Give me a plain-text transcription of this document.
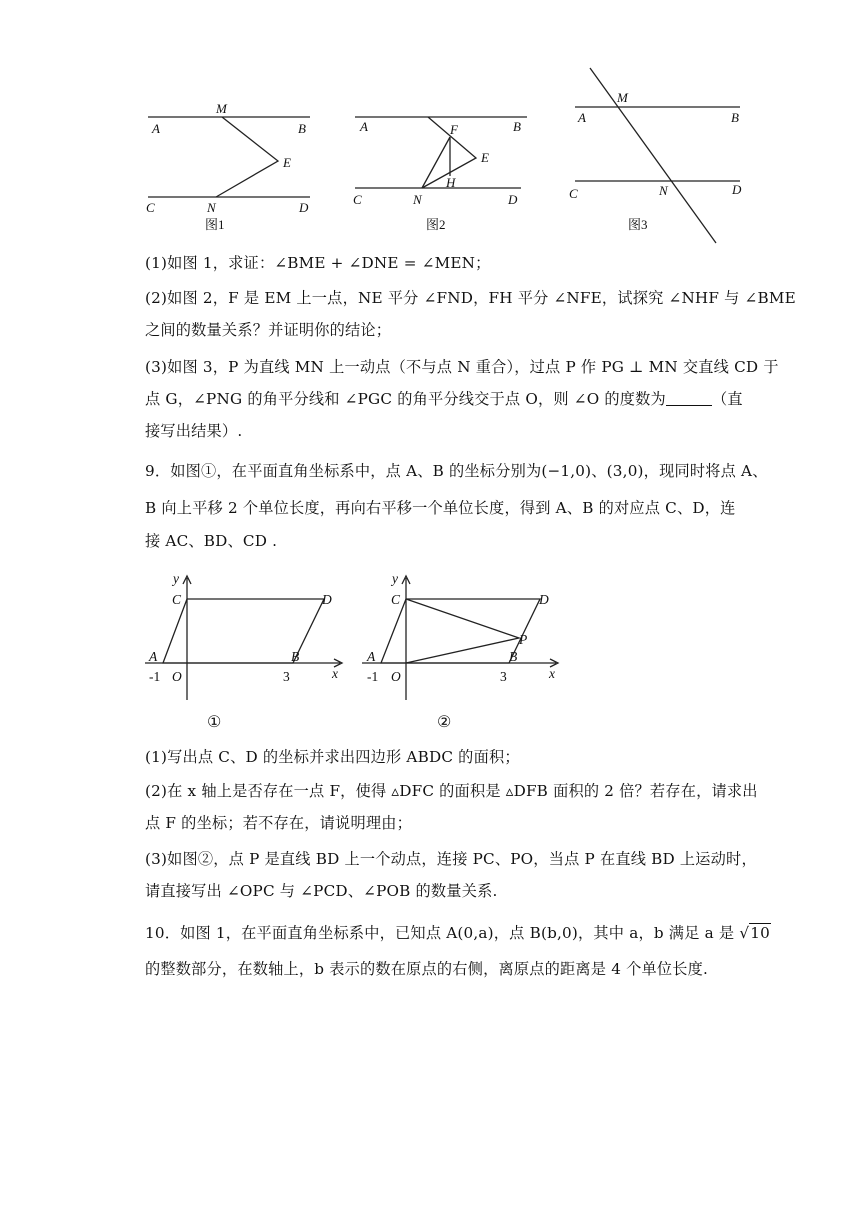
A	B
M
E
C	N	D
图1
A	B
F
E
H
C	N	D
图2
A	B
M
C	N	D
图3

(1)如图 1，求证：∠BME + ∠DNE = ∠MEN；

(2)如图 2，F 是 EM 上一点，NE 平分 ∠FND，FH 平分 ∠NFE，试探究 ∠NHF 与 ∠BME

之间的数量关系？并证明你的结论；

(3)如图 3，P 为直线 MN 上一动点（不与点 N 重合），过点 P 作 PG ⊥ MN 交直线 CD 于

点 G，∠PNG 的角平分线和 ∠PGC 的角平分线交于点 O，则 ∠O 的度数为	（直

接写出结果）.

9．如图①，在平面直角坐标系中，点 A、B 的坐标分别为(−1,0)、(3,0)，现同时将点 A、

B 向上平移 2 个单位长度，再向右平移一个单位长度，得到 A、B 的对应点 C、D，连

接 AC、BD、CD .

y
C	D
A	B
O	x
-1	3
①
y
C	D
P
A	B
O	x
-1	3
②

(1)写出点 C、D 的坐标并求出四边形 ABDC 的面积；

(2)在 x 轴上是否存在一点 F，使得 ▵DFC 的面积是 ▵DFB 面积的 2 倍？若存在，请求出

点 F 的坐标；若不存在，请说明理由；

(3)如图②，点 P 是直线 BD 上一个动点，连接 PC、PO，当点 P 在直线 BD 上运动时，

请直接写出 ∠OPC 与 ∠PCD、∠POB 的数量关系.

10．如图 1，在平面直角坐标系中，已知点 A(0,a)，点 B(b,0)，其中 a，b 满足 a 是 √10

的整数部分，在数轴上，b 表示的数在原点的右侧，离原点的距离是 4 个单位长度.
